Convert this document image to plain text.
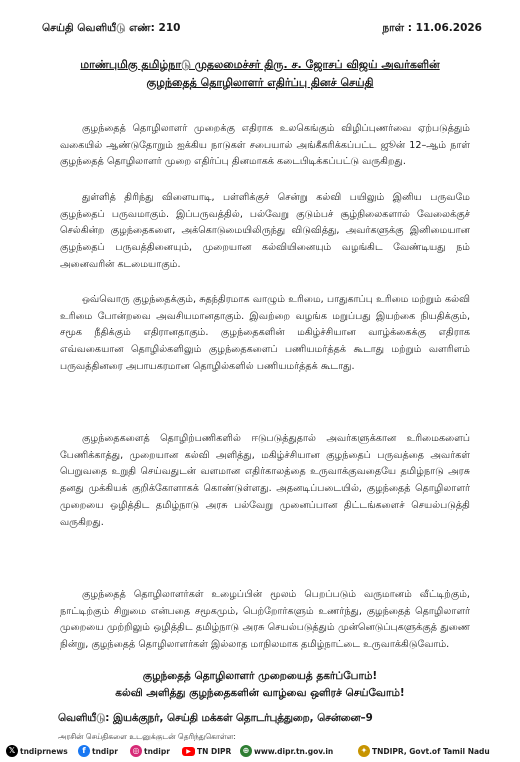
செய்தி வெளியீடு எண்: 210	நாள் : 11.06.2026
மாண்புமிகு தமிழ்நாடு முதலமைச்சர் திரு. ச. ஜோசப் விஜய் அவர்களின்
குழந்தைத் தொழிலாளர் எதிர்ப்பு தினச் செய்தி

குழந்தைத் தொழிலாளர் முறைக்கு எதிராக உலகெங்கும் விழிப்புணர்வை ஏற்படுத்தும் வகையில் ஆண்டுதோறும் ஐக்கிய நாடுகள் சபையால் அங்கீகரிக்கப்பட்ட ஜூன் 12–ஆம் நாள் குழந்தைத் தொழிலாளர் முறை எதிர்ப்பு தினமாகக் கடைபிடிக்கப்பட்டு வருகிறது.

துள்ளித் திரிந்து விளையாடி, பள்ளிக்குச் சென்று கல்வி பயிலும் இனிய பருவமே குழந்தைப் பருவமாகும். இப்பருவத்தில், பல்வேறு குடும்பச் சூழ்நிலைகளால் வேலைக்குச் செல்கின்ற குழந்தைகளை, அக்கொடுமையிலிருந்து விடுவித்து, அவர்களுக்கு இனிமையான குழந்தைப் பருவத்தினையும், முறையான கல்வியினையும் வழங்கிட வேண்டியது நம் அனைவரின் கடமையாகும்.

ஒவ்வொரு குழந்தைக்கும், சுதந்திரமாக வாழும் உரிமை, பாதுகாப்பு உரிமை மற்றும் கல்வி உரிமை போன்றவை அவசியமானதாகும். இவற்றை வழங்க மறுப்பது இயற்கை நியதிக்கும், சமூக நீதிக்கும் எதிரானதாகும். குழந்தைகளின் மகிழ்ச்சியான வாழ்க்கைக்கு எதிராக எவ்வகையான தொழில்களிலும் குழந்தைகளைப் பணியமர்த்தக் கூடாது மற்றும் வளரிளம் பருவத்தினரை அபாயகரமான தொழில்களில் பணியமர்த்தக் கூடாது.

குழந்தைகளைத் தொழிற்பணிகளில் ஈடுபடுத்துதால் அவர்களுக்கான உரிமைகளைப் பேணிக்காத்து, முறையான கல்வி அளித்து, மகிழ்ச்சியான குழந்தைப் பருவத்தை அவர்கள் பெறுவதை உறுதி செய்வதுடன் வளமான எதிர்காலத்தை உருவாக்குவதையே தமிழ்நாடு அரசு தனது முக்கியக் குறிக்கோளாகக் கொண்டுள்ளது. அதனடிப்படையில், குழந்தைத் தொழிலாளர் முறையை ஒழித்திட தமிழ்நாடு அரசு பல்வேறு முனைப்பான திட்டங்களைச் செயல்படுத்தி வருகிறது.

குழந்தைத் தொழிலாளர்கள் உழைப்பின் மூலம் பெறப்படும் வருமானம் வீட்டிற்கும், நாட்டிற்கும் சிறுமை என்பதை சமூகமும், பெற்றோர்களும் உணர்ந்து, குழந்தைத் தொழிலாளர் முறையை முற்றிலும் ஒழித்திட தமிழ்நாடு அரசு செயல்படுத்தும் முன்னெடுப்புகளுக்குத் துணை நின்று, குழந்தைத் தொழிலாளர்கள் இல்லாத மாநிலமாக தமிழ்நாட்டை உருவாக்கிடுவோம்.

குழந்தைத் தொழிலாளர் முறையைத் தகர்ப்போம்!
கல்வி அளித்து குழந்தைகளின் வாழ்வை ஒளிரச் செய்வோம்!
வெளியீடு: இயக்குநர், செய்தி மக்கள் தொடர்புத்துறை, சென்னை–9
அரசின் செய்திகளை உடனுக்குடன் தெரிந்துகொள்ள:
𝕏 tndiprnews	f tndipr	◎ tndipr	▶ TN DIPR	⊕ www.dipr.tn.gov.in	✦ TNDIPR, Govt.of Tamil Nadu
